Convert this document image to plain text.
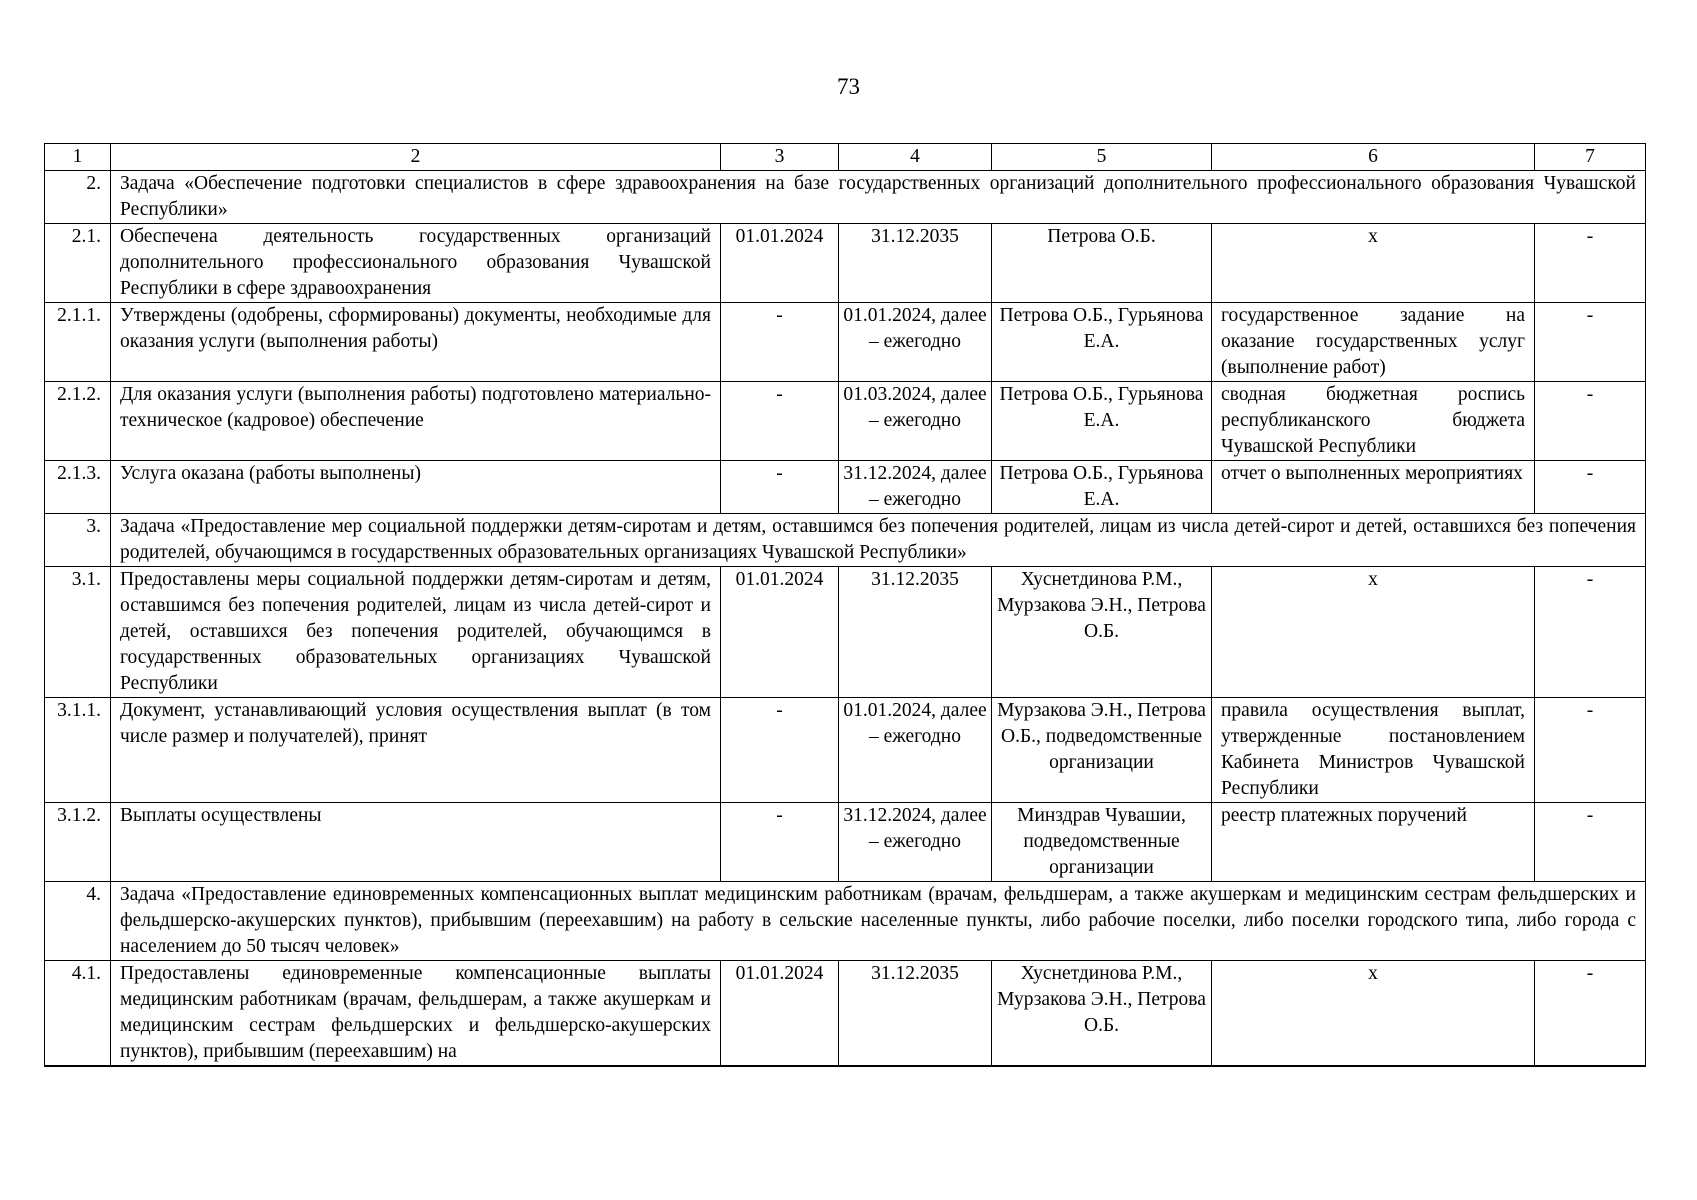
73
1	2	3	4	5	6	7
2.	Задача «Обеспечение подготовки специалистов в сфере здравоохранения на базе государственных организаций дополнительного профессионального образования Чувашской Республики»					
2.1.	Обеспечена деятельность государственных организаций дополнительного профессионального образования Чувашской Республики в сфере здравоохранения	01.01.2024	31.12.2035	Петрова О.Б.	x	-
2.1.1.	Утверждены (одобрены, сформированы) документы, необходимые для оказания услуги (выполнения работы)	-	01.01.2024, далее – ежегодно	Петрова О.Б., Гурьянова Е.А.	государственное задание на оказание государственных услуг (выполнение работ)	-
2.1.2.	Для оказания услуги (выполнения работы) подготовлено материально-техническое (кадровое) обеспечение	-	01.03.2024, далее – ежегодно	Петрова О.Б., Гурьянова Е.А.	сводная бюджетная роспись республиканского бюджета Чувашской Республики	-
2.1.3.	Услуга оказана (работы выполнены)	-	31.12.2024, далее – ежегодно	Петрова О.Б., Гурьянова Е.А.	отчет о выполненных мероприятиях	-
3.	Задача «Предоставление мер социальной поддержки детям-сиротам и детям, оставшимся без попечения родителей, лицам из числа детей-сирот и детей, оставшихся без попечения родителей, обучающимся в государственных образовательных организациях Чувашской Республики»					
3.1.	Предоставлены меры социальной поддержки детям-сиротам и детям, оставшимся без попечения родителей, лицам из числа детей-сирот и детей, оставшихся без попечения родителей, обучающимся в государственных образовательных организациях Чувашской Республики	01.01.2024	31.12.2035	Хуснетдинова Р.М., Мурзакова Э.Н., Петрова О.Б.	x	-
3.1.1.	Документ, устанавливающий условия осуществления выплат (в том числе размер и получателей), принят	-	01.01.2024, далее – ежегодно	Мурзакова Э.Н., Петрова О.Б., подведомственные организации	правила осуществления выплат, утвержденные постановлением Кабинета Министров Чувашской Республики	-
3.1.2.	Выплаты осуществлены	-	31.12.2024, далее – ежегодно	Минздрав Чувашии, подведомственные организации	реестр платежных поручений	-
4.	Задача «Предоставление единовременных компенсационных выплат медицинским работникам (врачам, фельдшерам, а также акушеркам и медицинским сестрам фельдшерских и фельдшерско-акушерских пунктов), прибывшим (переехавшим) на работу в сельские населенные пункты, либо рабочие поселки, либо поселки городского типа, либо города с населением до 50 тысяч человек»					
4.1.	Предоставлены единовременные компенсационные выплаты медицинским работникам (врачам, фельдшерам, а также акушеркам и медицинским сестрам фельдшерских и фельдшерско-акушерских пунктов), прибывшим (переехавшим) на	01.01.2024	31.12.2035	Хуснетдинова Р.М., Мурзакова Э.Н., Петрова О.Б.	x	-
